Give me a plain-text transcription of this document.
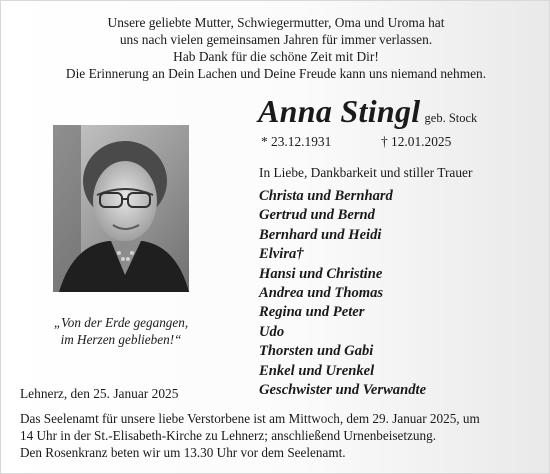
Unsere geliebte Mutter, Schwiegermutter, Oma und Uroma hat
uns nach vielen gemeinsamen Jahren für immer verlassen.
Hab Dank für die schöne Zeit mit Dir!
Die Erinnerung an Dein Lachen und Deine Freude kann uns niemand nehmen.
„Von der Erde gegangen,
im Herzen geblieben!“
Anna Stingl geb. Stock
* 23.12.1931	† 12.01.2025
In Liebe, Dankbarkeit und stiller Trauer
Christa und Bernhard
Gertrud und Bernd
Bernhard und Heidi
Elvira†
Hansi und Christine
Andrea und Thomas
Regina und Peter
Udo
Thorsten und Gabi
Enkel und Urenkel
Geschwister und Verwandte
Lehnerz, den 25. Januar 2025
Das Seelenamt für unsere liebe Verstorbene ist am Mittwoch, dem 29. Januar 2025, um
14 Uhr in der St.-Elisabeth-Kirche zu Lehnerz; anschließend Urnenbeisetzung.
Den Rosenkranz beten wir um 13.30 Uhr vor dem Seelenamt.
